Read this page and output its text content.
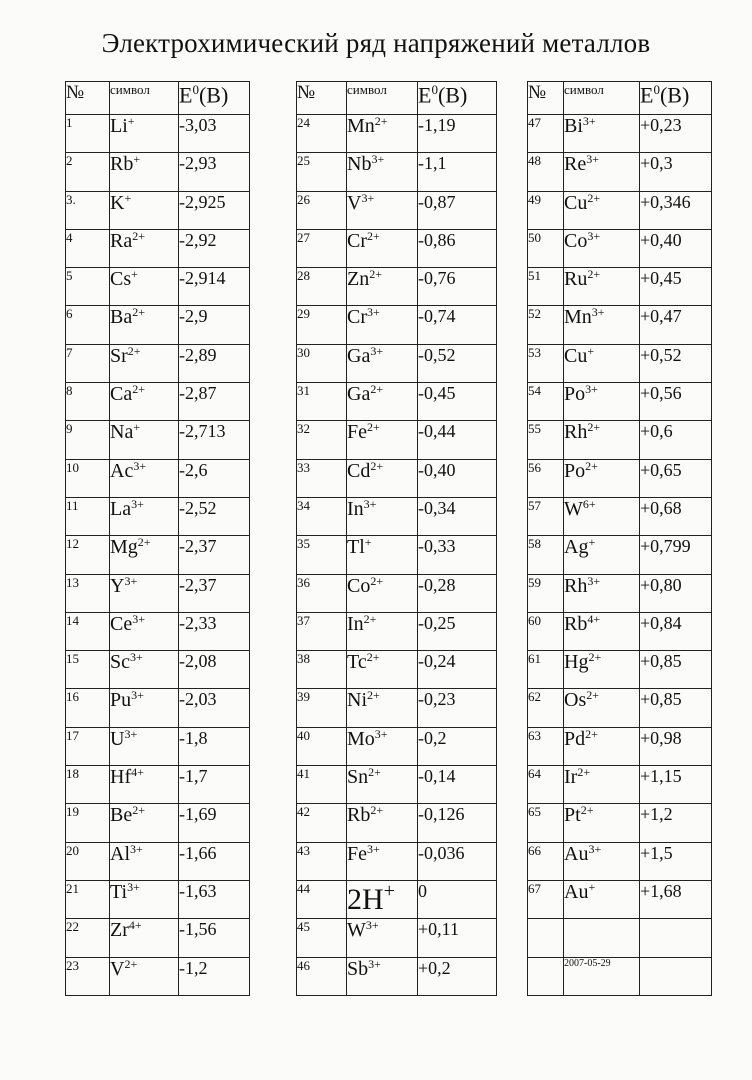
Электрохимический ряд напряжений металлов
№	символ	$E^0(B)$
1	Li+	-3,03
2	Rb+	-2,93
3.	K+	-2,925
4	$Ra^{2+}$	-2,92
5	Cs+	-2,914
6	$Ba^{2+}$	-2,9
7	$Sr^{2+}$	-2,89
8	$Ca^{2+}$	-2,87
9	Na+	-2,713
10	$Ac^{3+}$	-2,6
11	$La^{3+}$	-2,52
12	$Mg^{2+}$	-2,37
13	$Y^{3+}$	-2,37
14	$Ce^{3+}$	-2,33
15	$Sc^{3+}$	-2,08
16	$Pu^{3+}$	-2,03
17	$U^{3+}$	-1,8
18	$Hf^{4+}$	-1,7
19	$Be^{2+}$	-1,69
20	$Al^{3+}$	-1,66
21	$Ti^{3+}$	-1,63
22	$Zr^{4+}$	-1,56
23	$V^{2+}$	-1,2
№	символ	$E^0(B)$
24	$Mn^{2+}$	-1,19
25	$Nb^{3+}$	-1,1
26	$V^{3+}$	-0,87
27	$Cr^{2+}$	-0,86
28	$Zn^{2+}$	-0,76
29	$Cr^{3+}$	-0,74
30	$Ga^{3+}$	-0,52
31	$Ga^{2+}$	-0,45
32	$Fe^{2+}$	-0,44
33	$Cd^{2+}$	-0,40
34	$In^{3+}$	-0,34
35	Tl+	-0,33
36	$Co^{2+}$	-0,28
37	$In^{2+}$	-0,25
38	$Tc^{2+}$	-0,24
39	$Ni^{2+}$	-0,23
40	$Mo^{3+}$	-0,2
41	$Sn^{2+}$	-0,14
42	$Rb^{2+}$	-0,126
43	$Fe^{3+}$	-0,036
44	2H+	0
45	$W^{3+}$	+0,11
46	$Sb^{3+}$	+0,2
№	символ	$E^0(B)$
47	$Bi^{3+}$	+0,23
48	$Re^{3+}$	+0,3
49	$Cu^{2+}$	+0,346
50	$Co^{3+}$	+0,40
51	$Ru^{2+}$	+0,45
52	$Mn^{3+}$	+0,47
53	Cu+	+0,52
54	$Po^{3+}$	+0,56
55	$Rh^{2+}$	+0,6
56	$Po^{2+}$	+0,65
57	$W^{6+}$	+0,68
58	Ag+	+0,799
59	$Rh^{3+}$	+0,80
60	$Rb^{4+}$	+0,84
61	$Hg^{2+}$	+0,85
62	$Os^{2+}$	+0,85
63	$Pd^{2+}$	+0,98
64	$Ir^{2+}$	+1,15
65	$Pt^{2+}$	+1,2
66	$Au^{3+}$	+1,5
67	Au+	+1,68

	2007-05-29	
